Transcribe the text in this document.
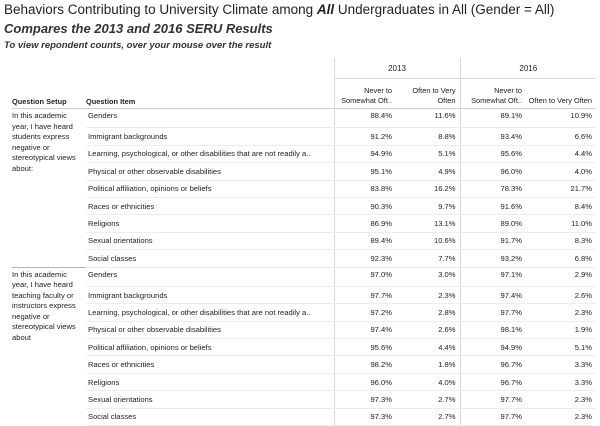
Behaviors Contributing to University Climate among All Undergraduates in All (Gender = All)
Compares the 2013 and 2016 SERU Results
To view repondent counts, over your mouse over the result
		2013		2016	
Question Setup	Question Item	Never to Somewhat Oft..	Often to Very Often	Never to Somewhat Oft..	Often to Very Often
In this academic year, I have heard students express negative or stereotypical views about:	Genders	88.4%	11.6%	89.1%	10.9%
	Immigrant backgrounds	91.2%	8.8%	93.4%	6.6%
	Learning, psychological, or other disabilities that are not readily a..	94.9%	5.1%	95.6%	4.4%
	Physical or other observable disabilities	95.1%	4.9%	96.0%	4.0%
	Political affiliation, opinions or beliefs	83.8%	16.2%	78.3%	21.7%
	Races or ethnicities	90.3%	9.7%	91.6%	8.4%
	Religions	86.9%	13.1%	89.0%	11.0%
	Sexual orientations	89.4%	10.6%	91.7%	8.3%
	Social classes	92.3%	7.7%	93.2%	6.8%
In this academic year, I have heard teaching faculty or instructors express negative or stereotypical views about	Genders	97.0%	3.0%	97.1%	2.9%
	Immigrant backgrounds	97.7%	2.3%	97.4%	2.6%
	Learning, psychological, or other disabilities that are not readily a..	97.2%	2.8%	97.7%	2.3%
	Physical or other observable disabilities	97.4%	2.6%	98.1%	1.9%
	Political affiliation, opinions or beliefs	95.6%	4.4%	94.9%	5.1%
	Races or ethnicities	98.2%	1.8%	96.7%	3.3%
	Religions	96.0%	4.0%	96.7%	3.3%
	Sexual orientations	97.3%	2.7%	97.7%	2.3%
	Social classes	97.3%	2.7%	97.7%	2.3%
